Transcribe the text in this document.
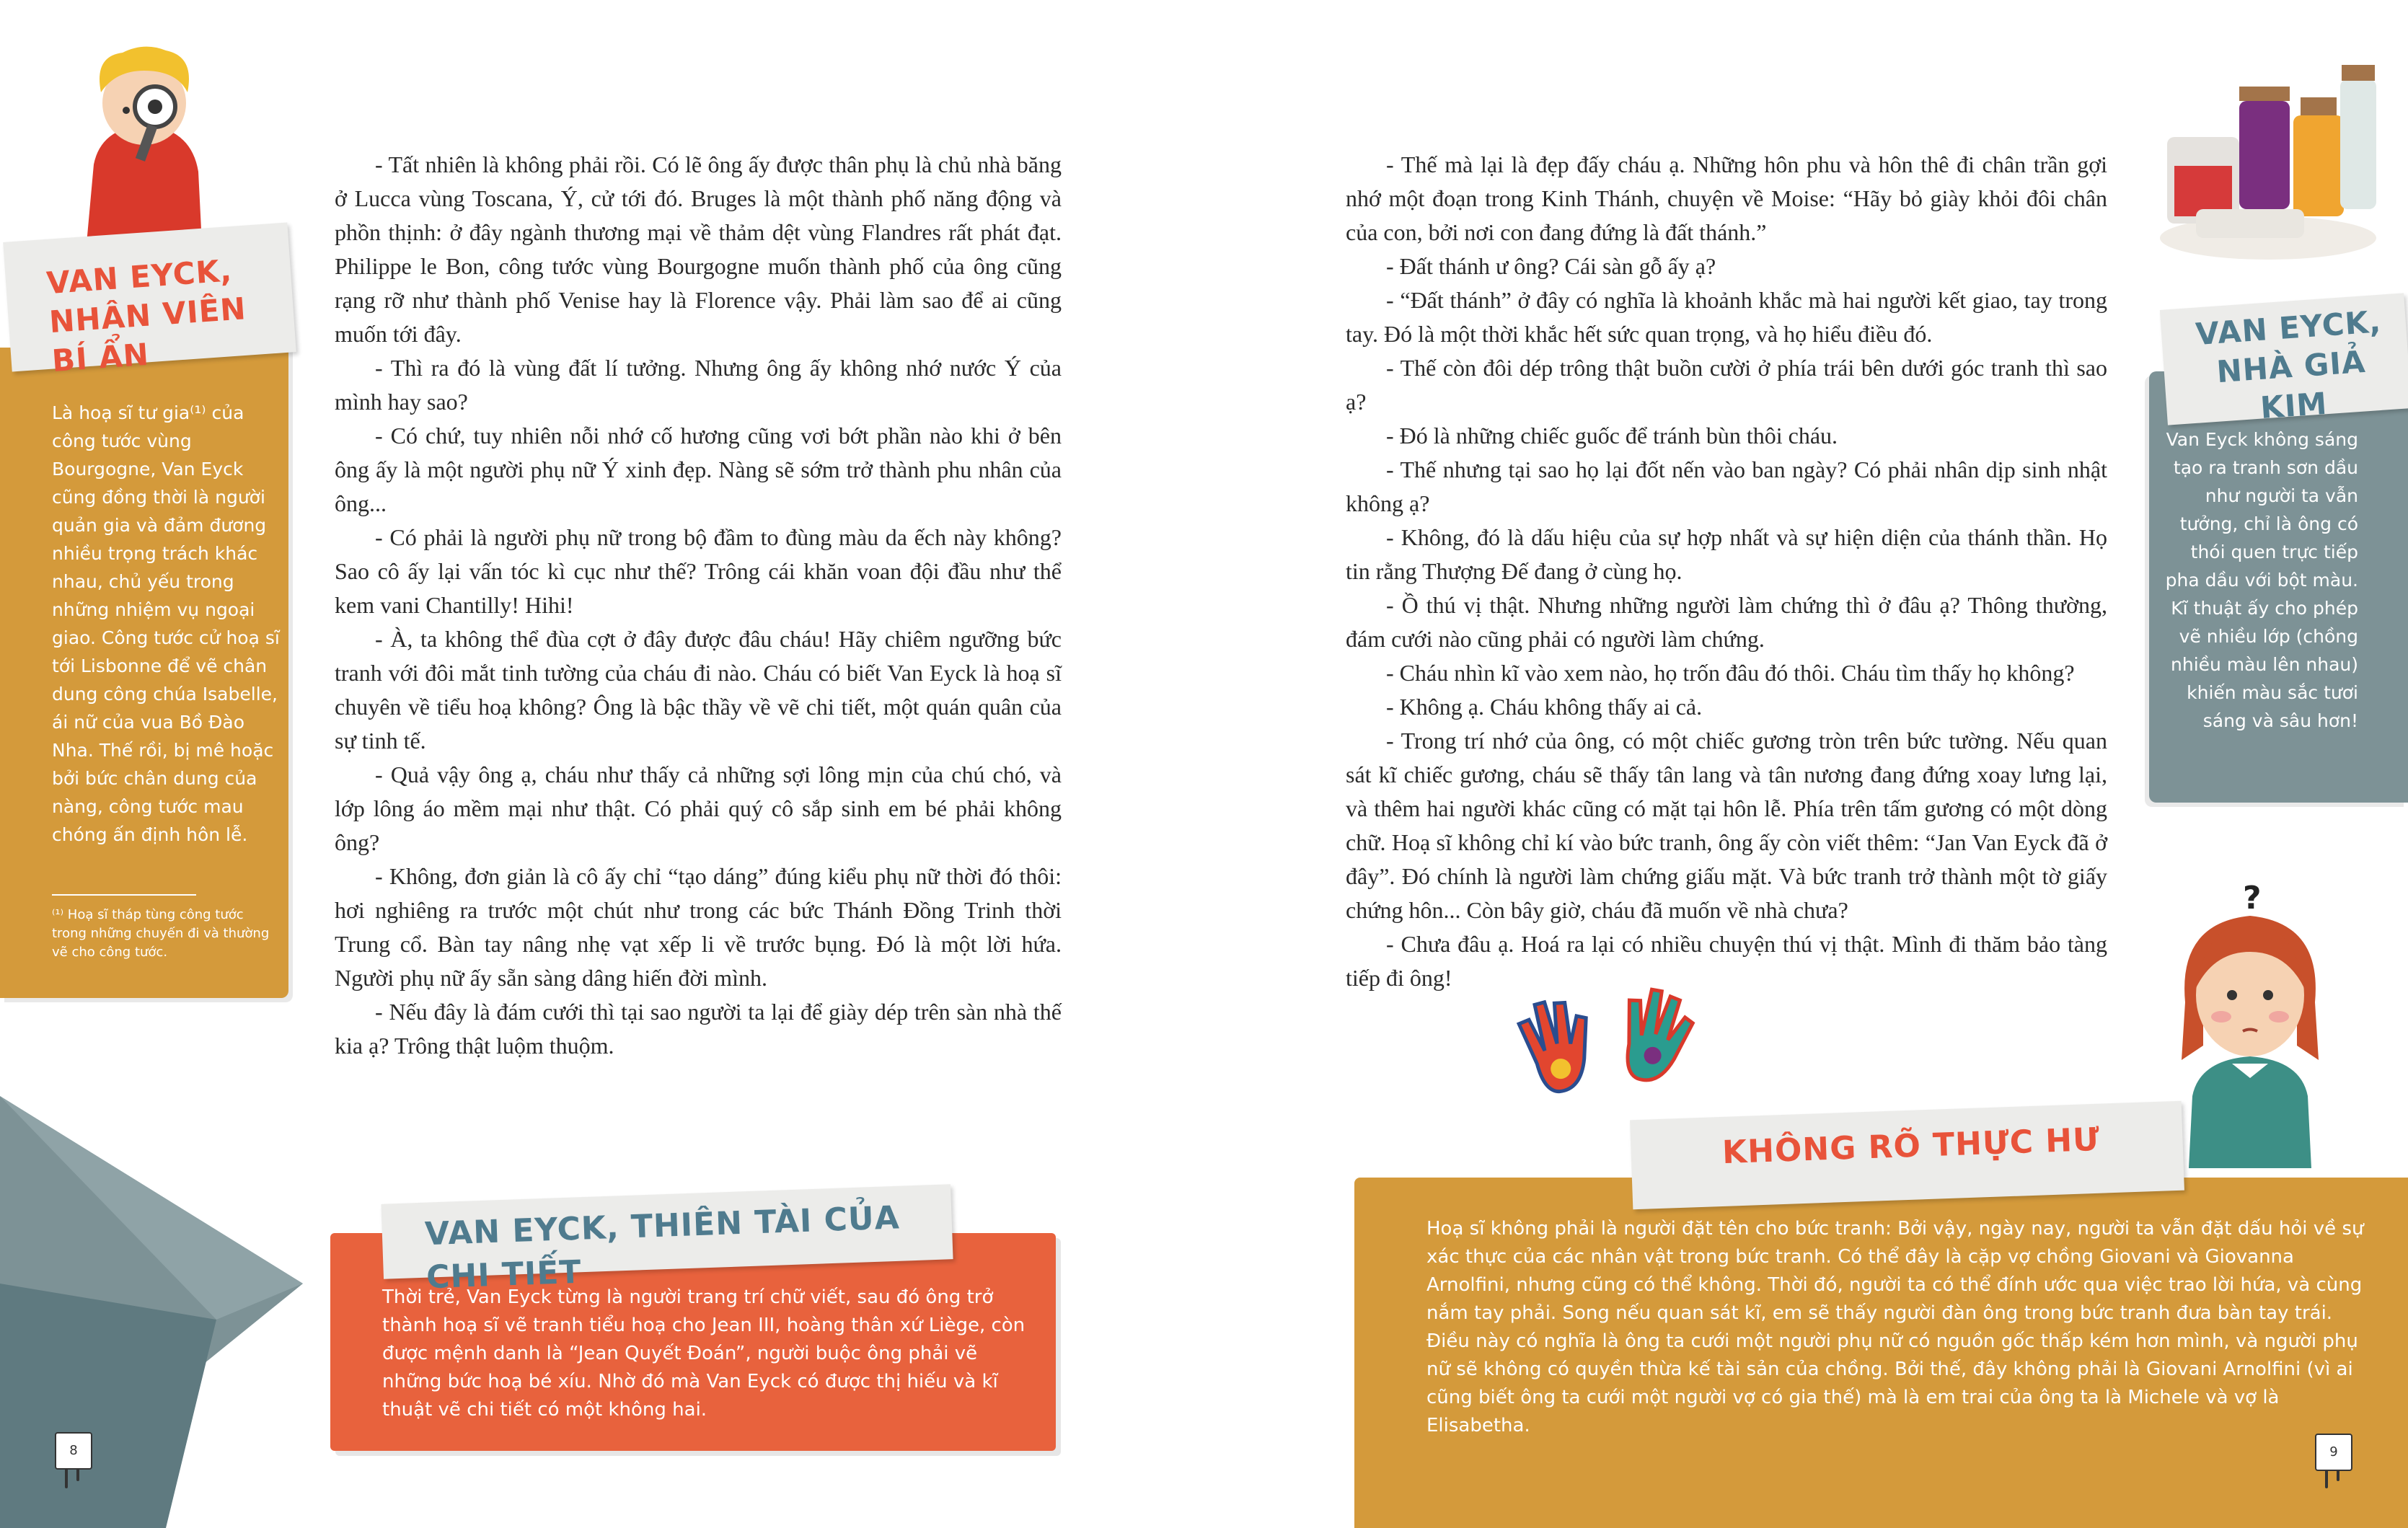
VAN EYCK,
NHÂN VIÊN BÍ ẨN
Là hoạ sĩ tư gia⁽¹⁾ của công tước vùng Bourgogne, Van Eyck cũng đồng thời là người quản gia và đảm đương nhiều trọng trách khác nhau, chủ yếu trong những nhiệm vụ ngoại giao. Công tước cử hoạ sĩ tới Lisbonne để vẽ chân dung công chúa Isabelle, ái nữ của vua Bồ Đào Nha. Thế rồi, bị mê hoặc bởi bức chân dung của nàng, công tước mau chóng ấn định hôn lễ.
⁽¹⁾ Hoạ sĩ tháp tùng công tước trong những chuyến đi và thường vẽ cho công tước.

- Tất nhiên là không phải rồi. Có lẽ ông ấy được thân phụ là chủ nhà băng ở Lucca vùng Toscana, Ý, cử tới đó. Bruges là một thành phố năng động và phồn thịnh: ở đây ngành thương mại về thảm dệt vùng Flandres rất phát đạt. Philippe le Bon, công tước vùng Bourgogne muốn thành phố của ông cũng rạng rỡ như thành phố Venise hay là Florence vậy. Phải làm sao để ai cũng muốn tới đây.

- Thì ra đó là vùng đất lí tưởng. Nhưng ông ấy không nhớ nước Ý của mình hay sao?

- Có chứ, tuy nhiên nỗi nhớ cố hương cũng vơi bớt phần nào khi ở bên ông ấy là một người phụ nữ Ý xinh đẹp. Nàng sẽ sớm trở thành phu nhân của ông...

- Có phải là người phụ nữ trong bộ đầm to đùng màu da ếch này không? Sao cô ấy lại vấn tóc kì cục như thế? Trông cái khăn voan đội đầu như thể kem vani Chantilly! Hihi!

- À, ta không thể đùa cợt ở đây được đâu cháu! Hãy chiêm ngưỡng bức tranh với đôi mắt tinh tường của cháu đi nào. Cháu có biết Van Eyck là hoạ sĩ chuyên về tiểu hoạ không? Ông là bậc thầy về vẽ chi tiết, một quán quân của sự tinh tế.

- Quả vậy ông ạ, cháu như thấy cả những sợi lông mịn của chú chó, và lớp lông áo mềm mại như thật. Có phải quý cô sắp sinh em bé phải không ông?

- Không, đơn giản là cô ấy chỉ “tạo dáng” đúng kiểu phụ nữ thời đó thôi: hơi nghiêng ra trước một chút như trong các bức Thánh Đồng Trinh thời Trung cổ. Bàn tay nâng nhẹ vạt xếp li về trước bụng. Đó là một lời hứa. Người phụ nữ ấy sẵn sàng dâng hiến đời mình.

- Nếu đây là đám cưới thì tại sao người ta lại để giày dép trên sàn nhà thế kia ạ? Trông thật luộm thuộm.

VAN EYCK, THIÊN TÀI CỦA CHI TIẾT
Thời trẻ, Van Eyck từng là người trang trí chữ viết, sau đó ông trở thành hoạ sĩ vẽ tranh tiểu hoạ cho Jean III, hoàng thân xứ Liège, còn được mệnh danh là “Jean Quyết Đoán”, người buộc ông phải vẽ những bức hoạ bé xíu. Nhờ đó mà Van Eyck có được thị hiếu và kĩ thuật vẽ chi tiết có một không hai.
8
VAN EYCK,
NHÀ GIẢ KIM
Van Eyck không sáng tạo ra tranh sơn dầu như người ta vẫn tưởng, chỉ là ông có thói quen trực tiếp pha dầu với bột màu. Kĩ thuật ấy cho phép vẽ nhiều lớp (chồng nhiều màu lên nhau) khiến màu sắc tươi sáng và sâu hơn!

- Thế mà lại là đẹp đấy cháu ạ. Những hôn phu và hôn thê đi chân trần gợi nhớ một đoạn trong Kinh Thánh, chuyện về Moise: “Hãy bỏ giày khỏi đôi chân của con, bởi nơi con đang đứng là đất thánh.”

- Đất thánh ư ông? Cái sàn gỗ ấy ạ?

- “Đất thánh” ở đây có nghĩa là khoảnh khắc mà hai người kết giao, tay trong tay. Đó là một thời khắc hết sức quan trọng, và họ hiểu điều đó.

- Thế còn đôi dép trông thật buồn cười ở phía trái bên dưới góc tranh thì sao ạ?

- Đó là những chiếc guốc để tránh bùn thôi cháu.

- Thế nhưng tại sao họ lại đốt nến vào ban ngày? Có phải nhân dịp sinh nhật không ạ?

- Không, đó là dấu hiệu của sự hợp nhất và sự hiện diện của thánh thần. Họ tin rằng Thượng Đế đang ở cùng họ.

- Ồ thú vị thật. Nhưng những người làm chứng thì ở đâu ạ? Thông thường, đám cưới nào cũng phải có người làm chứng.

- Cháu nhìn kĩ vào xem nào, họ trốn đâu đó thôi. Cháu tìm thấy họ không?

- Không ạ. Cháu không thấy ai cả.

- Trong trí nhớ của ông, có một chiếc gương tròn trên bức tường. Nếu quan sát kĩ chiếc gương, cháu sẽ thấy tân lang và tân nương đang đứng xoay lưng lại, và thêm hai người khác cũng có mặt tại hôn lễ. Phía trên tấm gương có một dòng chữ. Hoạ sĩ không chỉ kí vào bức tranh, ông ấy còn viết thêm: “Jan Van Eyck đã ở đây”. Đó chính là người làm chứng giấu mặt. Và bức tranh trở thành một tờ giấy chứng hôn... Còn bây giờ, cháu đã muốn về nhà chưa?

- Chưa đâu ạ. Hoá ra lại có nhiều chuyện thú vị thật. Mình đi thăm bảo tàng tiếp đi ông!

?
KHÔNG RÕ THỰC HƯ
Hoạ sĩ không phải là người đặt tên cho bức tranh: Bởi vậy, ngày nay, người ta vẫn đặt dấu hỏi về sự xác thực của các nhân vật trong bức tranh. Có thể đây là cặp vợ chồng Giovani và Giovanna Arnolfini, nhưng cũng có thể không. Thời đó, người ta có thể đính ước qua việc trao lời hứa, và cùng nắm tay phải. Song nếu quan sát kĩ, em sẽ thấy người đàn ông trong bức tranh đưa bàn tay trái. Điều này có nghĩa là ông ta cưới một người phụ nữ có nguồn gốc thấp kém hơn mình, và người phụ nữ sẽ không có quyền thừa kế tài sản của chồng. Bởi thế, đây không phải là Giovani Arnolfini (vì ai cũng biết ông ta cưới một người vợ có gia thế) mà là em trai của ông ta là Michele và vợ là Elisabetha.
9
